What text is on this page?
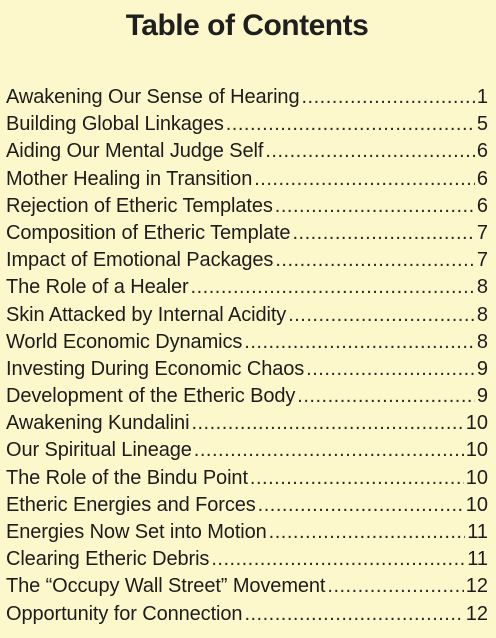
Table of Contents
Awakening Our Sense of Hearing .....	1
Building Global Linkages .....	5
Aiding Our Mental Judge Self .....	6
Mother Healing in Transition .....	6
Rejection of Etheric Templates .....	6
Composition of Etheric Template .....	7
Impact of Emotional Packages .....	7
The Role of a Healer .....	8
Skin Attacked by Internal Acidity .....	8
World Economic Dynamics .....	8
Investing During Economic Chaos .....	9
Development of the Etheric Body .....	9
Awakening Kundalini .....	10
Our Spiritual Lineage .....	10
The Role of the Bindu Point .....	10
Etheric Energies and Forces .....	10
Energies Now Set into Motion .....	11
Clearing Etheric Debris .....	11
The “Occupy Wall Street” Movement .....	12
Opportunity for Connection .....	12
